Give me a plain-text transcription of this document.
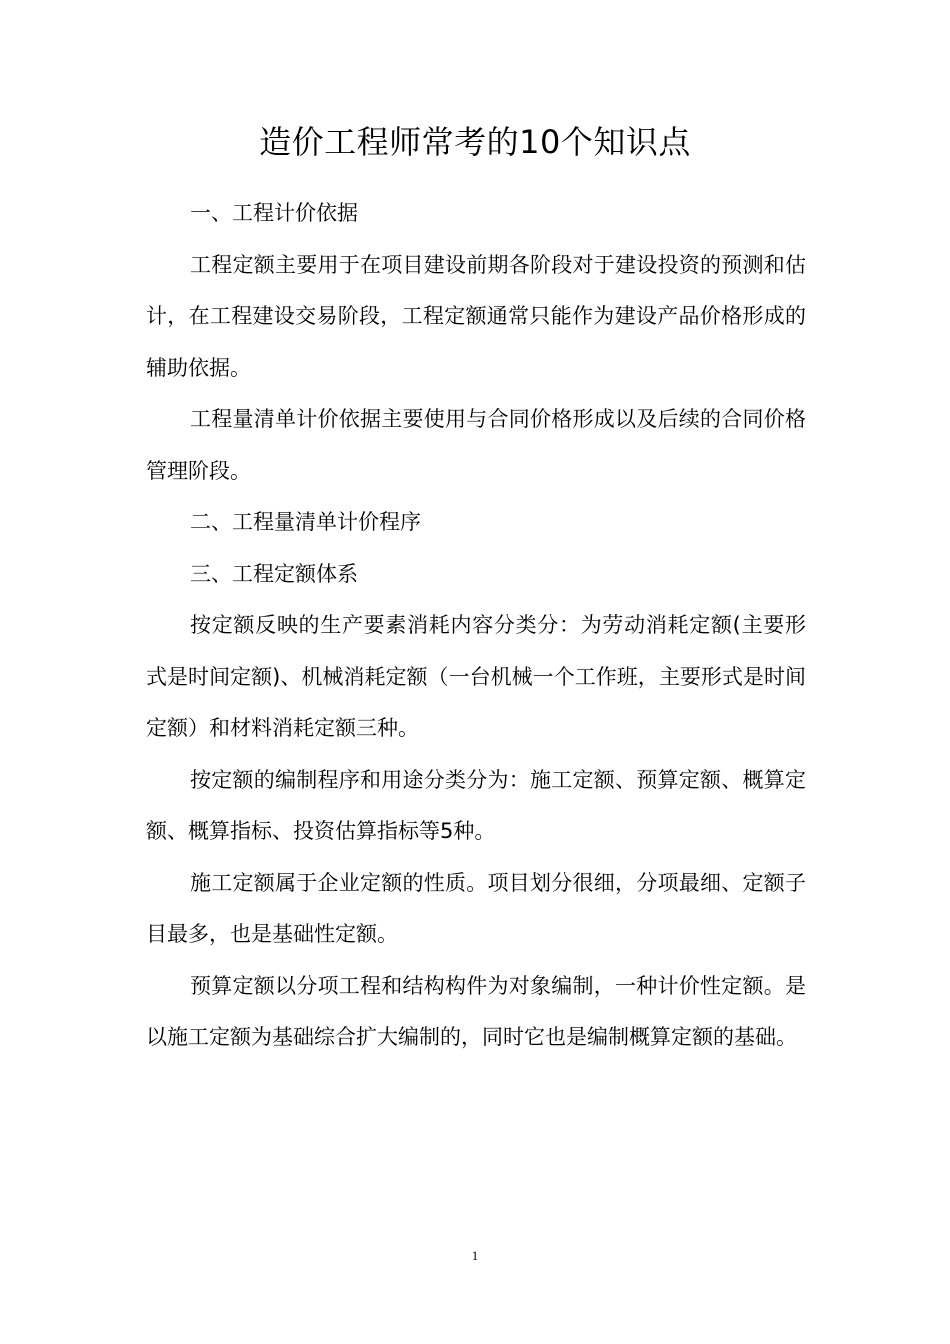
造价工程师常考的10个知识点

一、工程计价依据

工程定额主要用于在项目建设前期各阶段对于建设投资的预测和估计，在工程建设交易阶段，工程定额通常只能作为建设产品价格形成的辅助依据。

工程量清单计价依据主要使用与合同价格形成以及后续的合同价格管理阶段。

二、工程量清单计价程序

三、工程定额体系

按定额反映的生产要素消耗内容分类分：为劳动消耗定额(主要形式是时间定额)、机械消耗定额（一台机械一个工作班，主要形式是时间定额）和材料消耗定额三种。

按定额的编制程序和用途分类分为：施工定额、预算定额、概算定额、概算指标、投资估算指标等5种。

施工定额属于企业定额的性质。项目划分很细，分项最细、定额子目最多，也是基础性定额。

预算定额以分项工程和结构构件为对象编制，一种计价性定额。是以施工定额为基础综合扩大编制的，同时它也是编制概算定额的基础。

1
